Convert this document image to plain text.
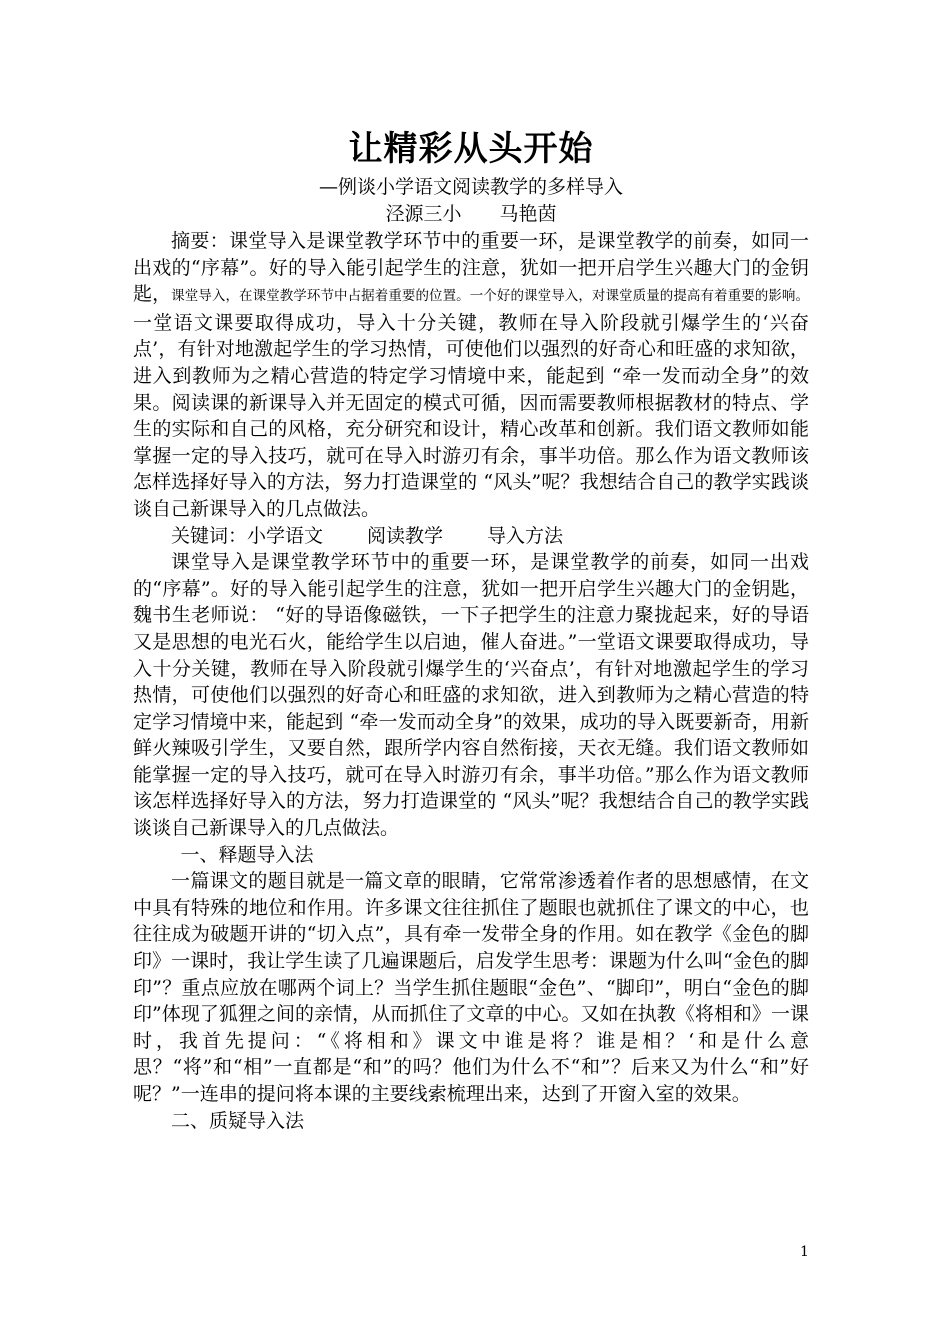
让精彩从头开始

—例谈小学语文阅读教学的多样导入

泾源三小　　马艳茵

摘要：课堂导入是课堂教学环节中的重要一环，是课堂教学的前奏，如同一出戏的“序幕”。好的导入能引起学生的注意，犹如一把开启学生兴趣大门的金钥匙，课堂导入，在课堂教学环节中占据着重要的位置。一个好的课堂导入，对课堂质量的提高有着重要的影响。一堂语文课要取得成功，导入十分关键，教师在导入阶段就引爆学生的‘兴奋点’，有针对地激起学生的学习热情，可使他们以强烈的好奇心和旺盛的求知欲，进入到教师为之精心营造的特定学习情境中来，能起到 “牵一发而动全身”的效果。阅读课的新课导入并无固定的模式可循，因而需要教师根据教材的特点、学生的实际和自己的风格，充分研究和设计，精心改革和创新。我们语文教师如能掌握一定的导入技巧，就可在导入时游刃有余，事半功倍。那么作为语文教师该怎样选择好导入的方法，努力打造课堂的 “风头”呢？我想结合自己的教学实践谈谈自己新课导入的几点做法。

关键词：小学语文 阅读教学 导入方法

课堂导入是课堂教学环节中的重要一环，是课堂教学的前奏，如同一出戏的“序幕”。好的导入能引起学生的注意，犹如一把开启学生兴趣大门的金钥匙，魏书生老师说： “好的导语像磁铁，一下子把学生的注意力聚拢起来，好的导语又是思想的电光石火，能给学生以启迪，催人奋进。”一堂语文课要取得成功，导入十分关键，教师在导入阶段就引爆学生的‘兴奋点’，有针对地激起学生的学习热情，可使他们以强烈的好奇心和旺盛的求知欲，进入到教师为之精心营造的特定学习情境中来，能起到 “牵一发而动全身”的效果，成功的导入既要新奇，用新鲜火辣吸引学生，又要自然，跟所学内容自然衔接，天衣无缝。我们语文教师如能掌握一定的导入技巧，就可在导入时游刃有余，事半功倍。”那么作为语文教师该怎样选择好导入的方法，努力打造课堂的 “风头”呢？我想结合自己的教学实践谈谈自己新课导入的几点做法。

一、释题导入法

一篇课文的题目就是一篇文章的眼睛，它常常渗透着作者的思想感情，在文中具有特殊的地位和作用。许多课文往往抓住了题眼也就抓住了课文的中心，也往往成为破题开讲的“切入点”，具有牵一发带全身的作用。如在教学《金色的脚印》一课时，我让学生读了几遍课题后，启发学生思考：课题为什么叫“金色的脚印”？重点应放在哪两个词上？当学生抓住题眼“金色”、“脚印”，明白“金色的脚印”体现了狐狸之间的亲情，从而抓住了文章的中心。又如在执教《将相和》一课时，我首先提问：“《将相和》课文中谁是将？谁是相？‘和是什么意思？“将”和“相”一直都是“和”的吗？他们为什么不“和”？后来又为什么“和”好呢？”一连串的提问将本课的主要线索梳理出来，达到了开窗入室的效果。

二、质疑导入法

1
